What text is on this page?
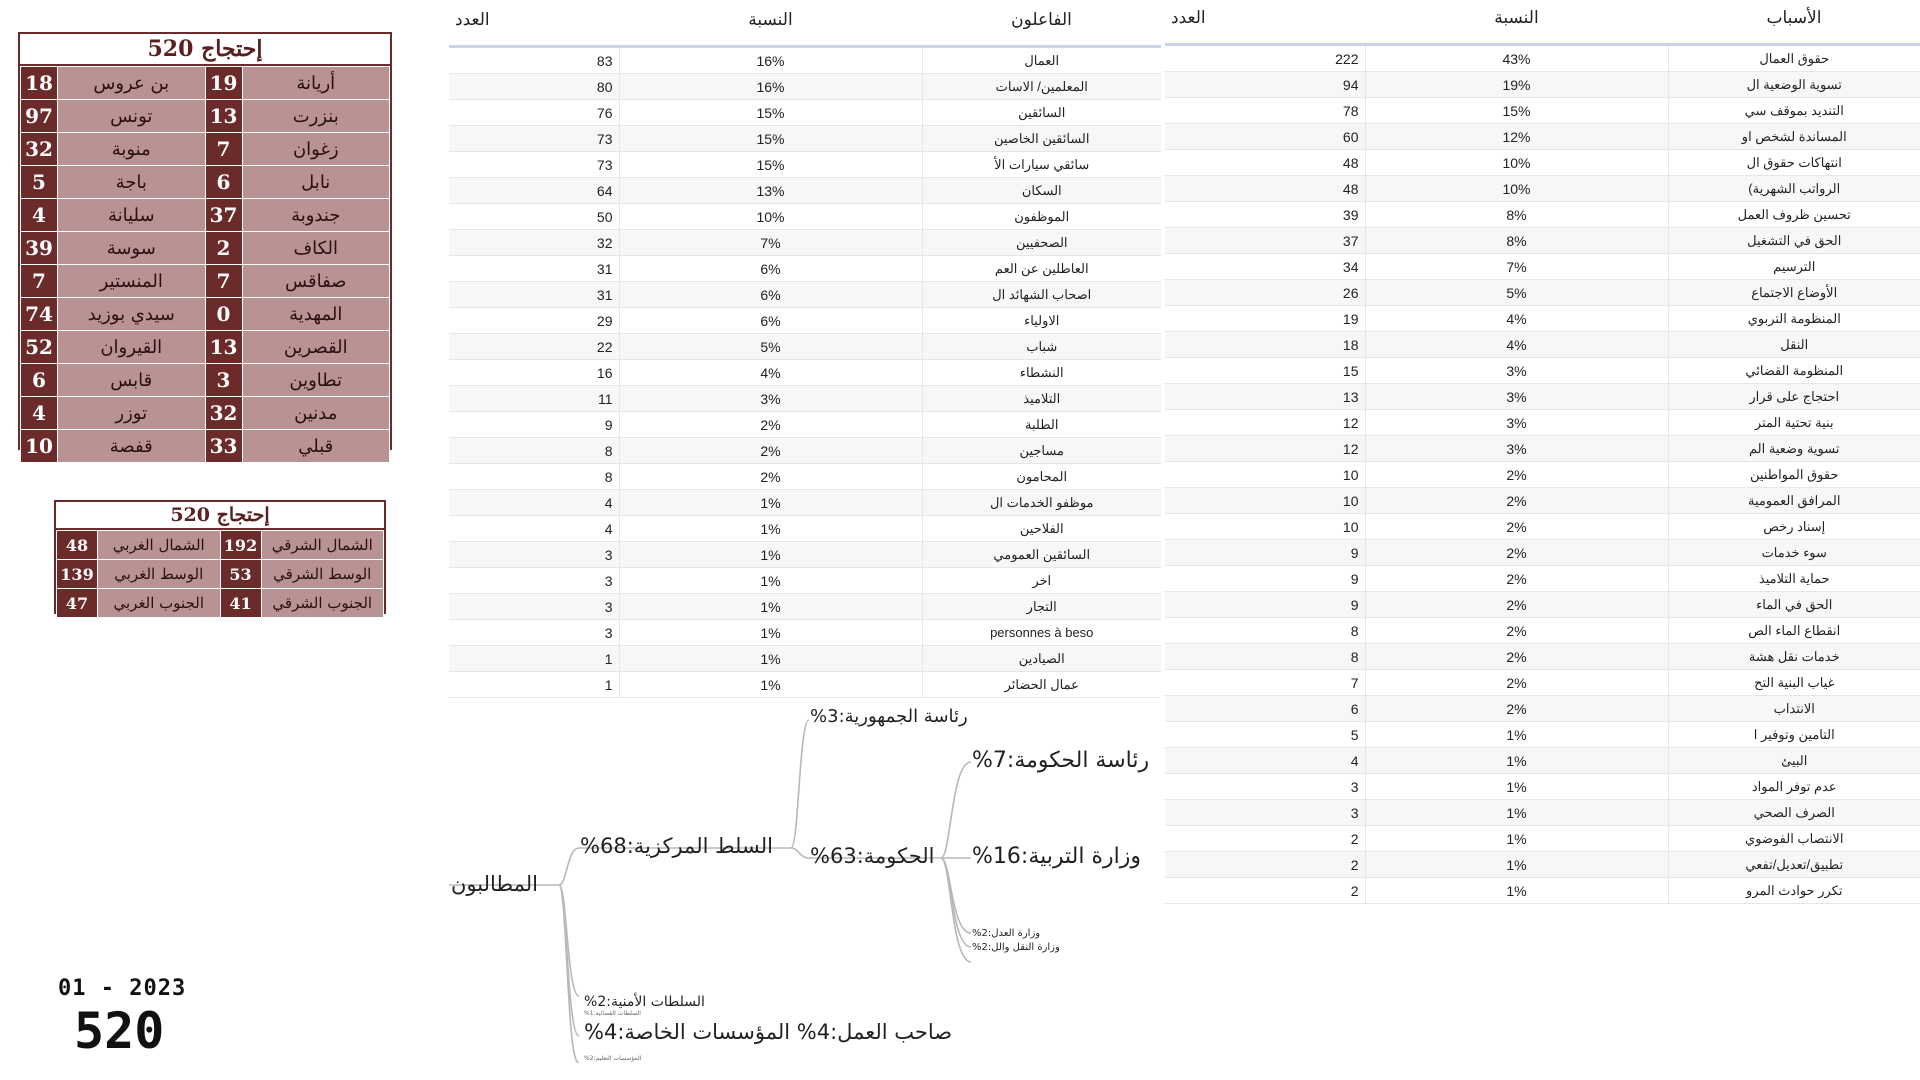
520 إحتجاج
18	بن عروس	19	أريانة
97	تونس	13	بنزرت
32	منوبة	7	زغوان
5	باجة	6	نابل
4	سليانة	37	جندوبة
39	سوسة	2	الكاف
7	المنستير	7	صفاقس
74	سيدي بوزيد	0	المهدية
52	القيروان	13	القصرين
6	قابس	3	تطاوين
4	توزر	32	مدنين
10	قفصة	33	قبلي
520 إحتجاج
48	الشمال الغربي	192	الشمال الشرقي
139	الوسط الغربي	53	الوسط الشرقي
47	الجنوب الغربي	41	الجنوب الشرقي
01 - 2023
520
العدد	النسبة	الفاعلون
83	16%	العمال
80	16%	المعلمين/ الاسات
76	15%	السائقين
73	15%	السائقين الخاصين
73	15%	سائقي سيارات الأ
64	13%	السكان
50	10%	الموظفون
32	7%	الصحفيين
31	6%	العاطلين عن العم
31	6%	اصحاب الشهائد ال
29	6%	الاولياء
22	5%	شباب
16	4%	النشطاء
11	3%	التلاميذ
9	2%	الطلبة
8	2%	مساجين
8	2%	المحامون
4	1%	موظفو الخدمات ال
4	1%	الفلاحين
3	1%	السائقين العمومي
3	1%	اخر
3	1%	التجار
3	1%	personnes à beso
1	1%	الصيادين
1	1%	عمال الحضائر
العدد	النسبة	الأسباب
222	43%	حقوق العمال
94	19%	تسوية الوضعية ال
78	15%	التنديد بموقف سي
60	12%	المساندة لشخص او
48	10%	انتهاكات حقوق ال
48	10%	(الرواتب الشهرية
39	8%	تحسين ظروف العمل
37	8%	الحق في التشغيل
34	7%	الترسيم
26	5%	الأوضاع الاجتماع
19	4%	المنظومة التربوي
18	4%	النقل
15	3%	المنظومة القضائي
13	3%	احتجاج على قرار
12	3%	بنية تحتية المتر
12	3%	تسوية وضعية الم
10	2%	حقوق المواطنين
10	2%	المرافق العمومية
10	2%	إسناد رخص
9	2%	سوء خدمات
9	2%	حماية التلاميذ
9	2%	الحق في الماء
8	2%	انقطاع الماء الص
8	2%	خدمات نقل هشة
7	2%	غياب البنية التح
6	2%	الانتداب
5	1%	التامين وتوفير ا
4	1%	البيئ
3	1%	عدم توفر المواد
3	1%	الصرف الصحي
2	1%	الانتصاب الفوضوي
2	1%	تطبيق/تعديل/تفعي
2	1%	تكرر حوادث المرو
المطالبون
السلط المركزية:68%
رئاسة الجمهورية:3%
الحكومة:63%
رئاسة الحكومة:7%
وزارة التربية:16%
وزارة العدل:2%
وزارة النقل والل:2%
السلطات الأمنية:2%
السلطات القضائية:1%
صاحب العمل:4% المؤسسات الخاصة:4%
المؤسسات التعليم:2%
